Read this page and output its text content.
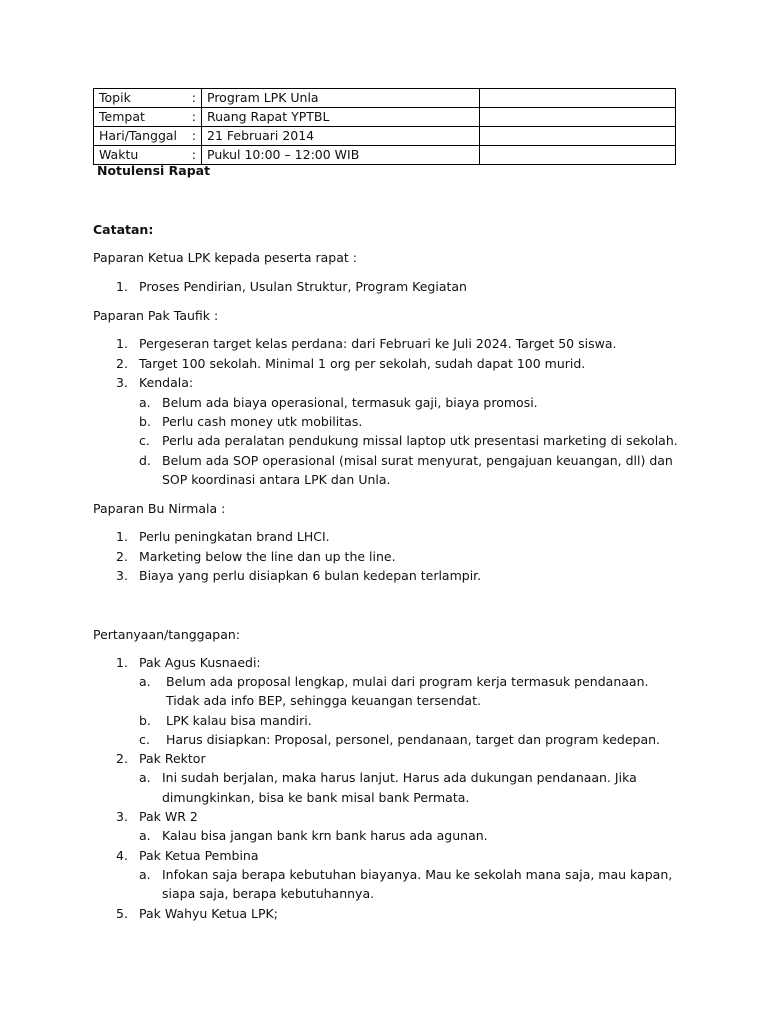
Topik :	Program LPK Unla	

Tempat :	Ruang Rapat YPTBL	

Hari/Tanggal :	21 Februari 2014	

Waktu :	Pukul 10:00 – 12:00 WIB	
Notulensi Rapat
Catatan:
Paparan Ketua LPK kepada peserta rapat :
1. Proses Pendirian, Usulan Struktur, Program Kegiatan
Paparan Pak Taufik :
1. Pergeseran target kelas perdana: dari Februari ke Juli 2024. Target 50 siswa.
2. Target 100 sekolah. Minimal 1 org per sekolah, sudah dapat 100 murid.
3. Kendala:
a. Belum ada biaya operasional, termasuk gaji, biaya promosi.
b. Perlu cash money utk mobilitas.
c. Perlu ada peralatan pendukung missal laptop utk presentasi marketing di sekolah.
d. Belum ada SOP operasional (misal surat menyurat, pengajuan keuangan, dll) dan
SOP koordinasi antara LPK dan Unla.
Paparan Bu Nirmala :
1. Perlu peningkatan brand LHCI.
2. Marketing below the line dan up the line.
3. Biaya yang perlu disiapkan 6 bulan kedepan terlampir.
Pertanyaan/tanggapan:
1. Pak Agus Kusnaedi:
a. Belum ada proposal lengkap, mulai dari program kerja termasuk pendanaan.
Tidak ada info BEP, sehingga keuangan tersendat.
b. LPK kalau bisa mandiri.
c. Harus disiapkan: Proposal, personel, pendanaan, target dan program kedepan.
2. Pak Rektor
a. Ini sudah berjalan, maka harus lanjut. Harus ada dukungan pendanaan. Jika
dimungkinkan, bisa ke bank misal bank Permata.
3. Pak WR 2
a. Kalau bisa jangan bank krn bank harus ada agunan.
4. Pak Ketua Pembina
a. Infokan saja berapa kebutuhan biayanya. Mau ke sekolah mana saja, mau kapan,
siapa saja, berapa kebutuhannya.
5. Pak Wahyu Ketua LPK;
